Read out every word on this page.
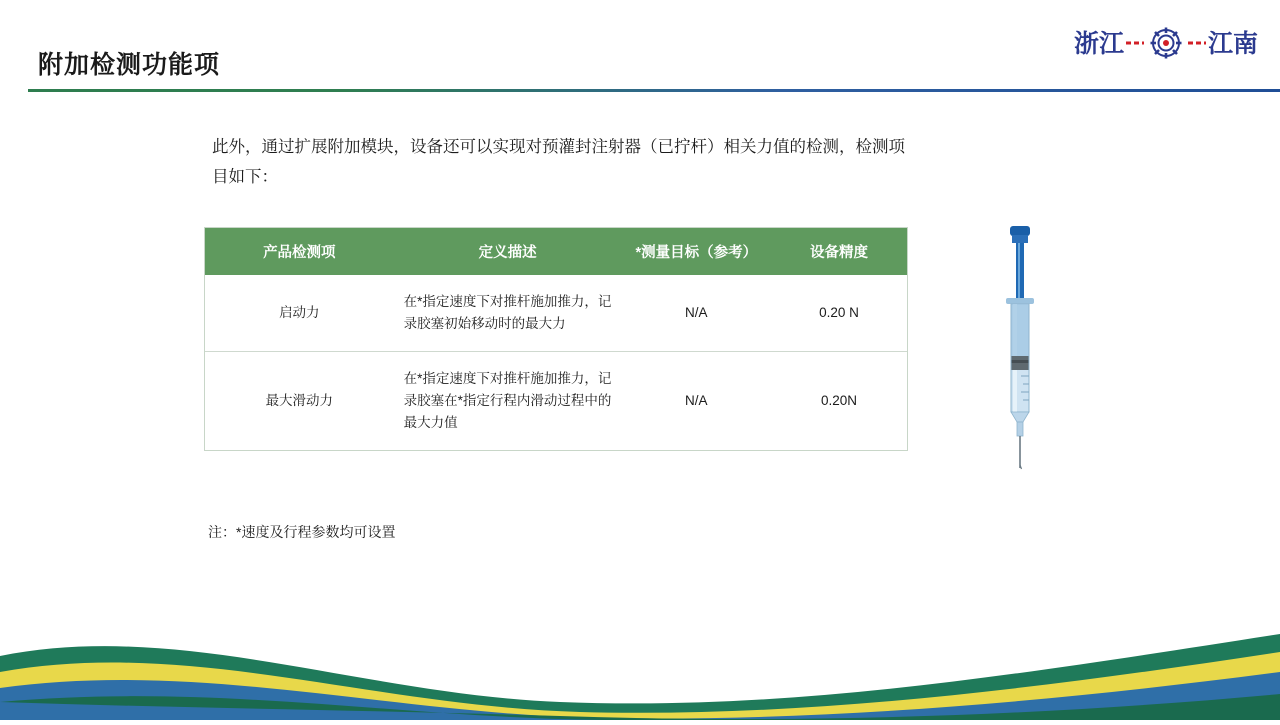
附加检测功能项
浙江	江南
此外，通过扩展附加模块，设备还可以实现对预灌封注射器（已拧杆）相关力值的检测，检测项目如下：
产品检测项	定义描述	*测量目标（参考）	设备精度
启动力	在*指定速度下对推杆施加推力，记录胶塞初始移动时的最大力	N/A	0.20 N
最大滑动力	在*指定速度下对推杆施加推力，记录胶塞在*指定行程内滑动过程中的最大力值	N/A	0.20N
注：*速度及行程参数均可设置
